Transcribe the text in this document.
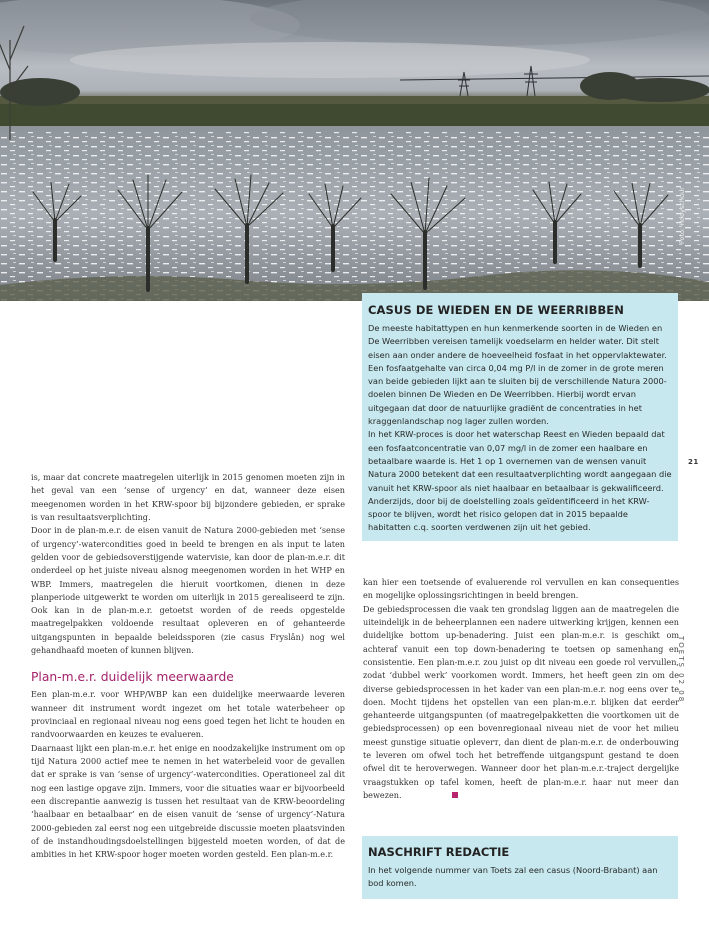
Foto: Hooyschuur
CASUS DE WIEDEN EN DE WEERRIBBEN

De meeste habitattypen en hun kenmerkende soorten in de Wieden en De Weerribben vereisen tamelijk voedselarm en helder water. Dit stelt eisen aan onder andere de hoeveelheid fosfaat in het oppervlaktewater. Een fosfaatgehalte van circa 0,04 mg P/l in de zomer in de grote meren van beide gebieden lijkt aan te sluiten bij de verschillende Natura 2000-doelen binnen De Wieden en De Weerribben. Hierbij wordt ervan uitgegaan dat door de natuurlijke gradiënt de concentraties in het kraggenlandschap nog lager zullen worden.

In het KRW-proces is door het waterschap Reest en Wieden bepaald dat een fosfaatconcentratie van 0,07 mg/l in de zomer een haalbare en betaalbare waarde is. Het 1 op 1 overnemen van de wensen vanuit Natura 2000 betekent dat een resultaatverplichting wordt aangegaan die vanuit het KRW-spoor als niet haalbaar en betaalbaar is gekwalificeerd. Anderzijds, door bij de doelstelling zoals geïdentificeerd in het KRW-spoor te blijven, wordt het risico gelopen dat in 2015 bepaalde habitatten c.q. soorten verdwenen zijn uit het gebied.

is, maar dat concrete maatregelen uiterlijk in 2015 genomen moeten zijn in het geval van een ‘sense of urgency’ en dat, wanneer deze eisen meegenomen worden in het KRW-spoor bij bijzondere gebieden, er sprake is van resultaatsverplichting.

Door in de plan-m.e.r. de eisen vanuit de Natura 2000-gebieden met ‘sense of urgency’-watercondities goed in beeld te brengen en als input te laten gelden voor de gebiedsoverstijgende watervisie, kan door de plan-m.e.r. dit onderdeel op het juiste niveau alsnog meegenomen worden in het WHP en WBP. Immers, maatregelen die hieruit voortkomen, dienen in deze planperiode uitgewerkt te worden om uiterlijk in 2015 gerealiseerd te zijn. Ook kan in de plan-m.e.r. getoetst worden of de reeds opgestelde maatregelpakken voldoende resultaat opleveren en of gehanteerde uitgangspunten in bepaalde beleidssporen (zie casus Fryslân) nog wel gehandhaafd moeten of kunnen blijven.

Plan-m.e.r. duidelijk meerwaarde

Een plan-m.e.r. voor WHP/WBP kan een duidelijke meerwaarde leveren wanneer dit instrument wordt ingezet om het totale waterbeheer op provinciaal en regionaal niveau nog eens goed tegen het licht te houden en randvoorwaarden en keuzes te evalueren.

Daarnaast lijkt een plan-m.e.r. het enige en noodzakelijke instrument om op tijd Natura 2000 actief mee te nemen in het waterbeleid voor de gevallen dat er sprake is van ‘sense of urgency’-watercondities. Operationeel zal dit nog een lastige opgave zijn. Immers, voor die situaties waar er bijvoorbeeld een discrepantie aanwezig is tussen het resultaat van de KRW-beoordeling ‘haalbaar en betaalbaar’ en de eisen vanuit de ‘sense of urgency’-Natura 2000-gebieden zal eerst nog een uitgebreide discussie moeten plaatsvinden of de instandhoudingsdoelstellingen bijgesteld moeten worden, of dat de ambities in het KRW-spoor hoger moeten worden gesteld. Een plan-m.e.r.

kan hier een toetsende of evaluerende rol vervullen en kan consequenties en mogelijke oplossingsrichtingen in beeld brengen.

De gebiedsprocessen die vaak ten grondslag liggen aan de maatregelen die uiteindelijk in de beheerplannen een nadere uitwerking krijgen, kennen een duidelijke bottom up-benadering. Juist een plan-m.e.r. is geschikt om achteraf vanuit een top down-benadering te toetsen op samenhang en consistentie. Een plan-m.e.r. zou juist op dit niveau een goede rol vervullen, zodat ‘dubbel werk’ voorkomen wordt. Immers, het heeft geen zin om de diverse gebiedsprocessen in het kader van een plan-m.e.r. nog eens over te doen. Mocht tijdens het opstellen van een plan-m.e.r. blijken dat eerder gehanteerde uitgangspunten (of maatregelpakketten die voortkomen uit de gebiedsprocessen) op een bovenregionaal niveau niet de voor het milieu meest gunstige situatie opleverт, dan dient de plan-m.e.r. de onderbouwing te leveren om ofwel toch het betreffende uitgangspunt gestand te doen ofwel dit te heroverwegen. Wanneer door het plan-m.e.r.-traject dergelijke vraagstukken op tafel komen, heeft de plan-m.e.r. haar nut meer dan bewezen.

NASCHRIFT REDACTIE

In het volgende nummer van Toets zal een casus (Noord-Brabant) aan bod komen.

21
TOETS 02 08
